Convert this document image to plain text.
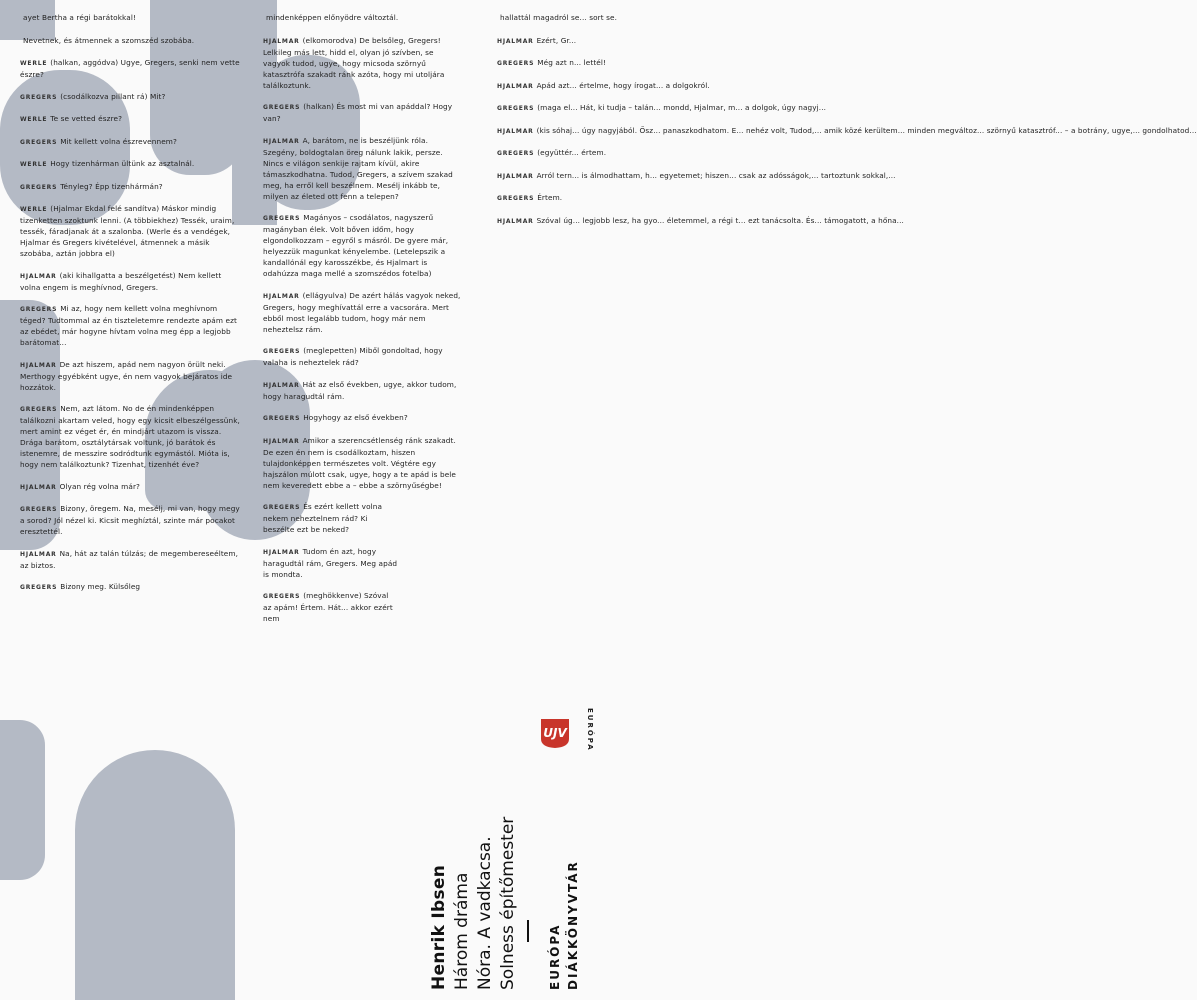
ayet Bertha a régi barátokkal!

Nevetnek, és átmennek a szomszéd szobába.

WERLE (halkan, aggódva) Ugye, Gregers, senki nem vette észre?

GREGERS (csodálkozva pillant rá) Mit?

WERLE Te se vetted észre?

GREGERS Mit kellett volna észrevennem?

WERLE Hogy tizenhárman ültünk az asztalnál.

GREGERS Tényleg? Épp tizenhármán?

WERLE (Hjalmar Ekdal felé sandítva) Máskor mindig tizenketten szoktunk lenni. (A többiekhez) Tessék, uraim, tessék, fáradjanak át a szalonba. (Werle és a vendégek, Hjalmar és Gregers kivételével, átmennek a másik szobába, aztán jobbra el)

HJALMAR (aki kihallgatta a beszélgetést) Nem kellett volna engem is meghívnod, Gregers.

GREGERS Mi az, hogy nem kellett volna meghívnom téged? Tudtommal az én tiszteletemre rendezte apám ezt az ebédet, már hogyne hívtam volna meg épp a legjobb barátomat...

HJALMAR De azt hiszem, apád nem nagyon örült neki. Merthogy egyébként ugye, én nem vagyok bejáratos ide hozzátok.

GREGERS Nem, azt látom. No de én mindenképpen találkozni akartam veled, hogy egy kicsit elbeszélgessünk, mert amint ez véget ér, én mindjárt utazom is vissza. Drága barátom, osztálytársak voltunk, jó barátok és istenemre, de messzire sodródtunk egymástól. Mióta is, hogy nem találkoztunk? Tizenhat, tizenhét éve?

HJALMAR Olyan rég volna már?

GREGERS Bizony, öregem. Na, mesélj, mi van, hogy megy a sorod? Jól nézel ki. Kicsit meghíztál, szinte már pocakot eresztettél.

HJALMAR Na, hát az talán túlzás; de megembereseéltem, az biztos.

GREGERS Bizony meg. Külsőleg

mindenképpen előnyödre változtál.

HJALMAR (elkomorodva) De belsőleg, Gregers! Lelkileg más lett, hidd el, olyan jó szívben, se vagyok tudod, ugye, hogy micsoda szörnyű katasztrófa szakadt ránk azóta, hogy mi utoljára találkoztunk.

GREGERS (halkan) És most mi van apáddal? Hogy van?

HJALMAR A, barátom, ne is beszéljünk róla. Szegény, boldogtalan öreg nálunk lakik, persze. Nincs e világon senkije rajtam kívül, akire támaszkodhatna. Tudod, Gregers, a szívem szakad meg, ha erről kell beszélnem. Mesélj inkább te, milyen az életed ott fenn a telepen?

GREGERS Magányos – csodálatos, nagyszerű magányban élek. Volt bőven időm, hogy elgondolkozzam – egyről s másról. De gyere már, helyezzük magunkat kényelembe. (Letelepszik a kandallónál egy karosszékbe, és Hjalmart is odahúzza maga mellé a szomszédos fotelba)

HJALMAR (ellágyulva) De azért hálás vagyok neked, Gregers, hogy meghívattál erre a vacsorára. Mert ebből most legalább tudom, hogy már nem neheztelsz rám.

GREGERS (meglepetten) Miből gondoltad, hogy valaha is neheztelek rád?

HJALMAR Hát az első években, ugye, akkor tudom, hogy haragudtál rám.

GREGERS Hogyhogy az első években?

HJALMAR Amikor a szerencsétlenség ránk szakadt. De ezen én nem is csodálkoztam, hiszen tulajdonképpen természetes volt. Végtére egy hajszálon múlott csak, ugye, hogy a te apád is bele nem keveredett ebbe a – ebbe a szörnyűségbe!

GREGERS És ezért kellett volna nekem neheztelnem rád? Ki beszélte ezt be neked?

HJALMAR Tudom én azt, hogy haragudtál rám, Gregers. Meg apád is mondta.

GREGERS (meghökkenve) Szóval az apám! Értem. Hát... akkor ezért nem

hallattál magadról se... sort se.

HJALMAR Ezért, Gr...

GREGERS Még azt n... lettél!

HJALMAR Apád azt... értelme, hogy írogat... a dolgokról.

GREGERS (maga el... Hát, ki tudja – talán... mondd, Hjalmar, m... a dolgok, úgy nagyj...

HJALMAR (kis sóhaj... úgy nagyjából. Ősz... panaszkodhatom. E... nehéz volt, Tudod,... amik közé kerültem... minden megváltoz... szörnyű katasztróf... – a botrány, ugye,... gondolhatod...

GREGERS (együttér... értem.

HJALMAR Arról tern... is álmodhattam, h... egyetemet; hiszen... csak az adósságok,... tartoztunk sokkal,...

GREGERS Értem.

HJALMAR Szóval úg... legjobb lesz, ha gyo... életemmel, a régi t... ezt tanácsolta. És... támogatott, a hőna...

UJV	EURÓPA
Henrik Ibsen Három dráma Nóra. A vadkacsa. Solness építőmester	EURÓPA DIÁKKÖNYVTÁR
